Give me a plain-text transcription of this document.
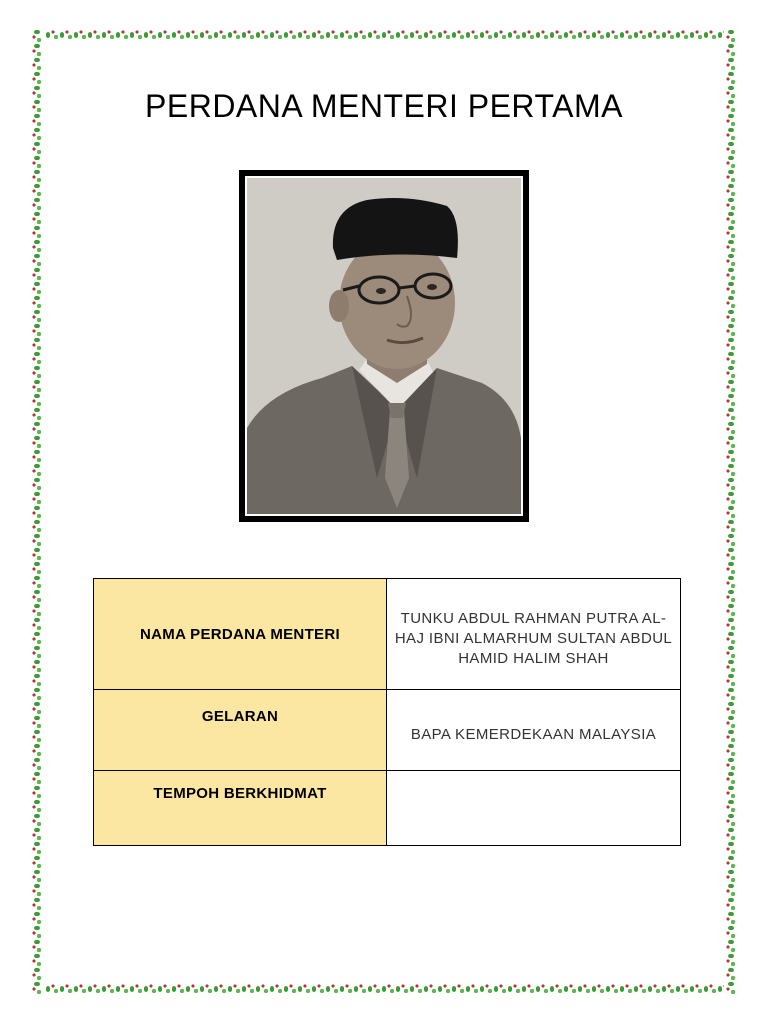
PERDANA MENTERI PERTAMA
NAMA PERDANA MENTERI	TUNKU ABDUL RAHMAN PUTRA AL-HAJ IBNI ALMARHUM SULTAN ABDUL HAMID HALIM SHAH
GELARAN	BAPA KEMERDEKAAN MALAYSIA
TEMPOH BERKHIDMAT	
